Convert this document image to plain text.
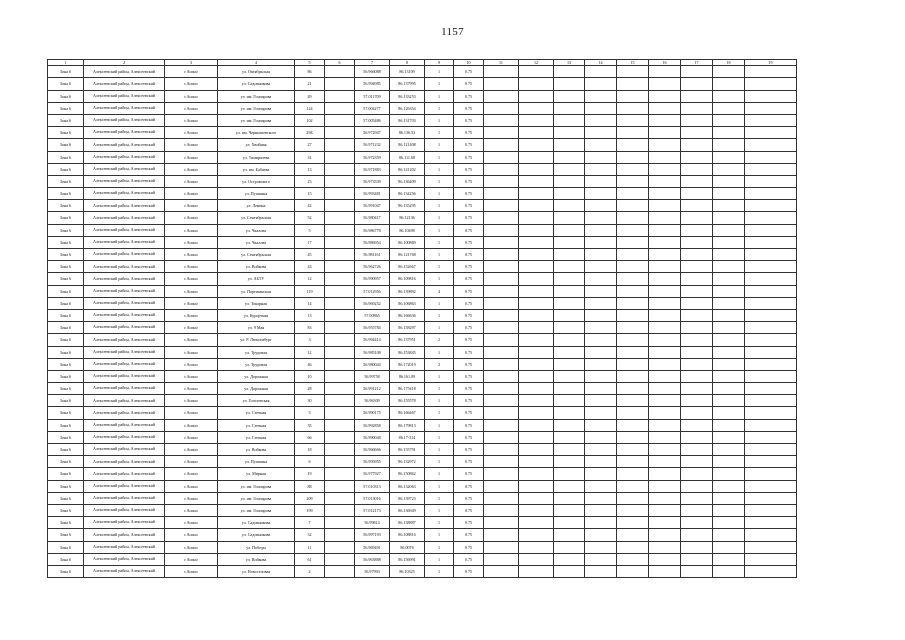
1157
1	2	3	4	5	6	7	8	9	10	11	12	13	14	15	16	17	18	19
Зона 6	Алексеевский район, Алексеевский	г.Асино	ул. Октябрьская	86		56.966088	86.13109	1	0.75									
Зона 6	Алексеевский район, Алексеевский	г.Асино	ул. Садовникова	21		56.994985	86.137995	1	0.75									
Зона 6	Алексеевский район, Алексеевский	г.Асино	ул. им. Гончарова	49		57.011709	86.133253	1	0.75									
Зона 6	Алексеевский район, Алексеевский	г.Асино	ул. им. Гончарова	124		57.004277	86.126354	1	0.75									
Зона 6	Алексеевский район, Алексеевский	г.Асино	ул. им. Гончарова	102		57.005486	86.131703	1	0.75									
Зона 6	Алексеевский район, Алексеевский	г.Асино	ул. им. Чернышевского	29Б		56.972947	86.136.53	1	0.75									
Зона 6	Алексеевский район, Алексеевский	г.Асино	ул. Хвойная	27		56.971232	86.121408	1	0.75									
Зона 6	Алексеевский район, Алексеевский	г.Асино	ул. Тимирязева	31		56.972359	86.111.68	1	0.75									
Зона 6	Алексеевский район, Алексеевский	г.Асино	ул. им. Бабаева	13		56.971883	86.141202	1	0.75									
Зона 6	Алексеевский район, Алексеевский	г.Асино	ул. Островского	23		56.973539	86.136409	1	0.75									
Зона 6	Алексеевский район, Алексеевский	г.Асино	ул. Пушкина	15		56.993481	86.134256	1	0.75									
Зона 6	Алексеевский район, Алексеевский	г.Асино	ул. Ленина	42		56.991047	86.135295	1	0.75									
Зона 6	Алексеевский район, Алексеевский	г.Асино	ул. Сентябрьская	52		56.980417	86.12136	1	0.75									
Зона 6	Алексеевский район, Алексеевский	г.Асино	ул. Чкалова	5		56.986778	86.10498	1	0.75									
Зона 6	Алексеевский район, Алексеевский	г.Асино	ул. Чкалова	17		56.986954	86.100869	1	0.75									
Зона 6	Алексеевский район, Алексеевский	г.Асино	ул. Сентябрьская	45		56.981161	86.121768	1	0.75									
Зона 6	Алексеевский район, Алексеевский	г.Асино	ул. Войкова	43		56.962726	86.152667	1	0.75									
Зона 6	Алексеевский район, Алексеевский	г.Асино	ул. АБТУ	12		56.990957	86.109816	1	0.75									
Зона 6	Алексеевский район, Алексеевский	г.Асино	ул. Партизанская	119		57.012956	86.139892	4	0.75									
Зона 6	Алексеевский район, Алексеевский	г.Асино	ул. Токарная	14		56.969252	86.106863	1	0.75									
Зона 6	Алексеевский район, Алексеевский	г.Асино	ул. Курортная	13		57.00865	86.166636	1	0.75									
Зона 6	Алексеевский район, Алексеевский	г.Асино	ул. 9 Мая	83		56.955784	86.158297	1	0.75									
Зона 6	Алексеевский район, Алексеевский	г.Асино	ул. Р. Люксембург	3		56.994414	86.137951	2	0.75									
Зона 6	Алексеевский район, Алексеевский	г.Асино	ул. Трудовая	12		56.985108	86.153845	1	0.75									
Зона 6	Алексеевский район, Алексеевский	г.Асино	ул. Трудовая	46		56.980044	86.172019	2	0.75									
Зона 6	Алексеевский район, Алексеевский	г.Асино	ул. Дорожная	10		56.99758	86.161.89	1	0.75									
Зона 6	Алексеевский район, Алексеевский	г.Асино	ул. Дорожная	28		56.991212	86.175418	1	0.75									
Зона 6	Алексеевский район, Алексеевский	г.Асино	ул. Гоголевская	30		56.96309	86.155578	1	0.75									
Зона 6	Алексеевский район, Алексеевский	г.Асино	ул. Степная	3		56.990175	86.166467	1	0.75									
Зона 6	Алексеевский район, Алексеевский	г.Асино	ул. Степная	35		56.992858	86.179813	1	0.75									
Зона 6	Алексеевский район, Алексеевский	г.Асино	ул. Степная	66		56.990048	86.17-314	1	0.75									
Зона 6	Алексеевский район, Алексеевский	г.Асино	ул. Войкова	18		56.966666	86.155791	1	0.75									
Зона 6	Алексеевский район, Алексеевский	г.Асино	ул. Пушкина	6		56.995955	86.132972	1	0.75									
Зона 6	Алексеевский район, Алексеевский	г.Асино	ул. Мирная	19		56.977927	86.150862	1	0.75									
Зона 6	Алексеевский район, Алексеевский	г.Асино	ул. им. Гончарова	88		57.010313	86.132063	1	0.75									
Зона 6	Алексеевский район, Алексеевский	г.Асино	ул. им. Гончарова	209		57.013016	86.139723	1	0.75									
Зона 6	Алексеевский район, Алексеевский	г.Асино	ул. им. Гончарова	199		57.012173	86.136949	1	0.75									
Зона 6	Алексеевский район, Алексеевский	г.Асино	ул. Садовникова	7		56.99814	86.138887	1	0.75									
Зона 6	Алексеевский район, Алексеевский	г.Асино	ул. Садовникова	32		56.997193	86.108816	1	0.75									
Зона 6	Алексеевский район, Алексеевский	г.Асино	ул. Победы	11		56.969491	86.0076	1	0.75									
Зона 6	Алексеевский район, Алексеевский	г.Асино	ул. Войкова	61		56.963888	86.156991	1	0.75									
Зона 6	Алексеевский район, Алексеевский	г.Асино	ул. Новоселовая	2		56.97993	86.10325	1	0.75									
